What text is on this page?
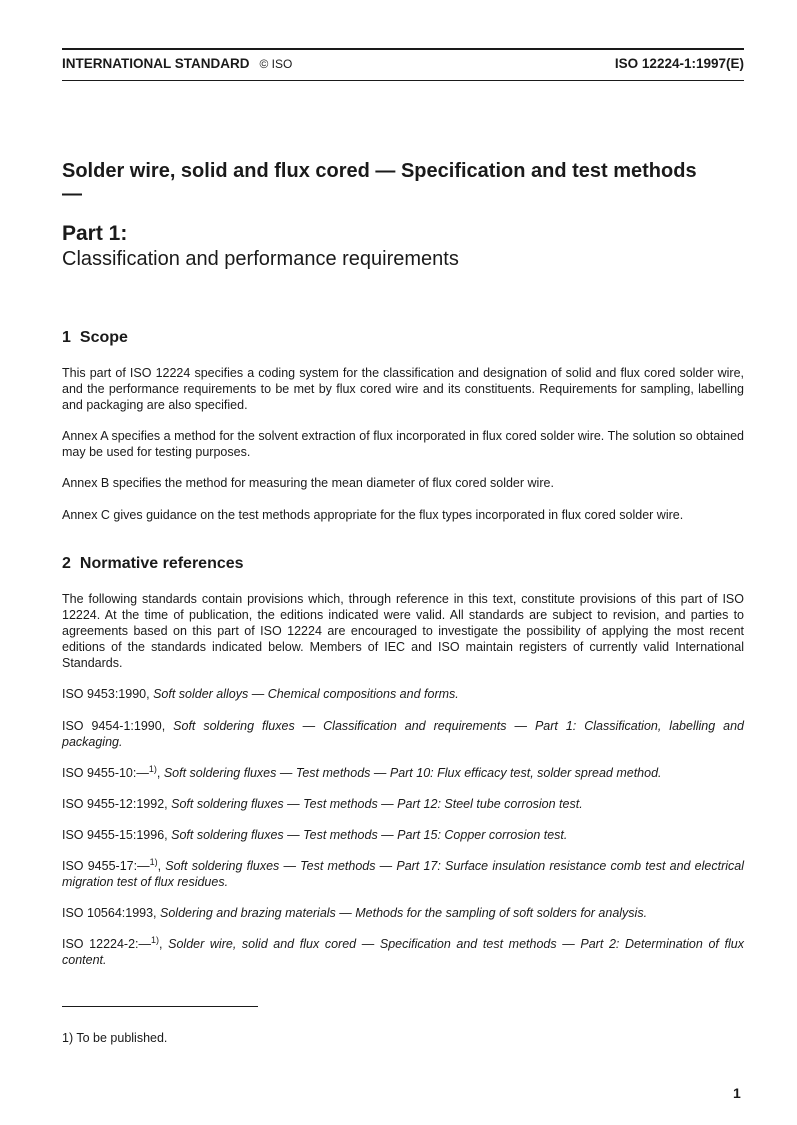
INTERNATIONAL STANDARD © ISO	ISO 12224-1:1997(E)
Solder wire, solid and flux cored — Specification and test methods —
Part 1:
Classification and performance requirements
1 Scope
This part of ISO 12224 specifies a coding system for the classification and designation of solid and flux cored solder wire, and the performance requirements to be met by flux cored wire and its constituents. Requirements for sampling, labelling and packaging are also specified.
Annex A specifies a method for the solvent extraction of flux incorporated in flux cored solder wire. The solution so obtained may be used for testing purposes.
Annex B specifies the method for measuring the mean diameter of flux cored solder wire.
Annex C gives guidance on the test methods appropriate for the flux types incorporated in flux cored solder wire.
2 Normative references
The following standards contain provisions which, through reference in this text, constitute provisions of this part of ISO 12224. At the time of publication, the editions indicated were valid. All standards are subject to revision, and parties to agreements based on this part of ISO 12224 are encouraged to investigate the possibility of applying the most recent editions of the standards indicated below. Members of IEC and ISO maintain registers of currently valid International Standards.
ISO 9453:1990, Soft solder alloys — Chemical compositions and forms.
ISO 9454-1:1990, Soft soldering fluxes — Classification and requirements — Part 1: Classification, labelling and packaging.
ISO 9455-10:—$^{1)}$, Soft soldering fluxes — Test methods — Part 10: Flux efficacy test, solder spread method.
ISO 9455-12:1992, Soft soldering fluxes — Test methods — Part 12: Steel tube corrosion test.
ISO 9455-15:1996, Soft soldering fluxes — Test methods — Part 15: Copper corrosion test.
ISO 9455-17:—$^{1)}$, Soft soldering fluxes — Test methods — Part 17: Surface insulation resistance comb test and electrical migration test of flux residues.
ISO 10564:1993, Soldering and brazing materials — Methods for the sampling of soft solders for analysis.
ISO 12224-2:—$^{1)}$, Solder wire, solid and flux cored — Specification and test methods — Part 2: Determination of flux content.
1) To be published.
1
